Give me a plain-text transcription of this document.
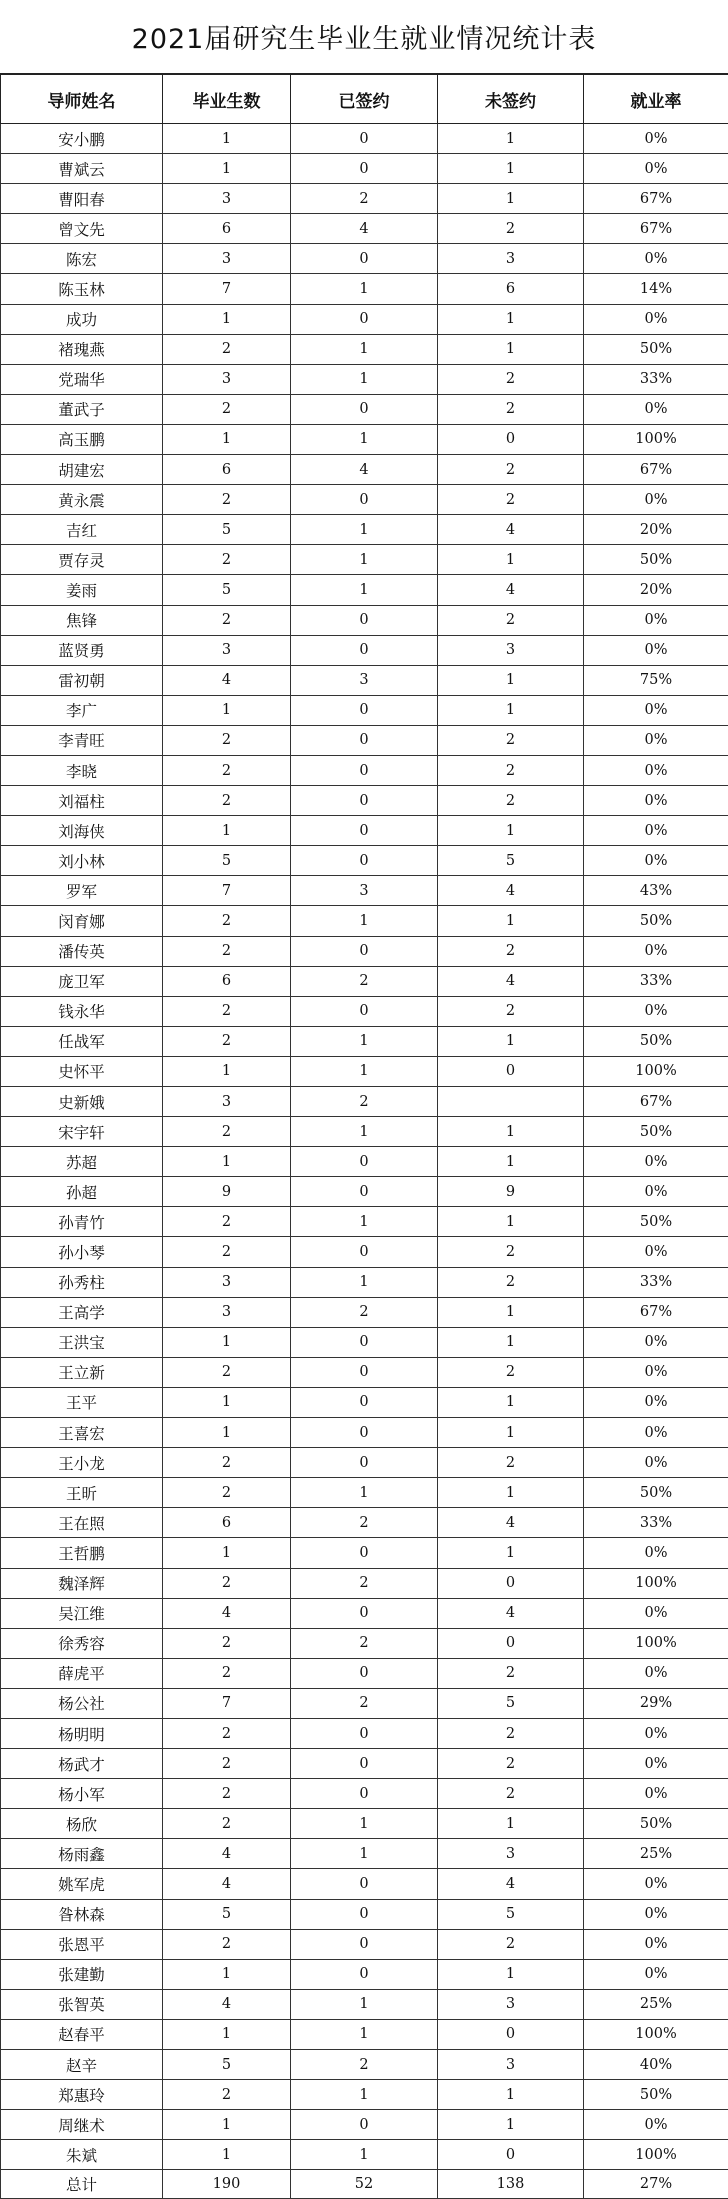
2021届研究生毕业生就业情况统计表
导师姓名	毕业生数	已签约	未签约	就业率
安小鹏	1	0	1	0%
曹斌云	1	0	1	0%
曹阳春	3	2	1	67%
曾文先	6	4	2	67%
陈宏	3	0	3	0%
陈玉林	7	1	6	14%
成功	1	0	1	0%
褚瑰燕	2	1	1	50%
党瑞华	3	1	2	33%
董武子	2	0	2	0%
高玉鹏	1	1	0	100%
胡建宏	6	4	2	67%
黄永震	2	0	2	0%
吉红	5	1	4	20%
贾存灵	2	1	1	50%
姜雨	5	1	4	20%
焦锋	2	0	2	0%
蓝贤勇	3	0	3	0%
雷初朝	4	3	1	75%
李广	1	0	1	0%
李青旺	2	0	2	0%
李晓	2	0	2	0%
刘福柱	2	0	2	0%
刘海侠	1	0	1	0%
刘小林	5	0	5	0%
罗军	7	3	4	43%
闵育娜	2	1	1	50%
潘传英	2	0	2	0%
庞卫军	6	2	4	33%
钱永华	2	0	2	0%
任战军	2	1	1	50%
史怀平	1	1	0	100%
史新娥	3	2		67%
宋宇轩	2	1	1	50%
苏超	1	0	1	0%
孙超	9	0	9	0%
孙青竹	2	1	1	50%
孙小琴	2	0	2	0%
孙秀柱	3	1	2	33%
王高学	3	2	1	67%
王洪宝	1	0	1	0%
王立新	2	0	2	0%
王平	1	0	1	0%
王喜宏	1	0	1	0%
王小龙	2	0	2	0%
王昕	2	1	1	50%
王在照	6	2	4	33%
王哲鹏	1	0	1	0%
魏泽辉	2	2	0	100%
吴江维	4	0	4	0%
徐秀容	2	2	0	100%
薛虎平	2	0	2	0%
杨公社	7	2	5	29%
杨明明	2	0	2	0%
杨武才	2	0	2	0%
杨小军	2	0	2	0%
杨欣	2	1	1	50%
杨雨鑫	4	1	3	25%
姚军虎	4	0	4	0%
昝林森	5	0	5	0%
张恩平	2	0	2	0%
张建勤	1	0	1	0%
张智英	4	1	3	25%
赵春平	1	1	0	100%
赵辛	5	2	3	40%
郑惠玲	2	1	1	50%
周继术	1	0	1	0%
朱斌	1	1	0	100%
总计	190	52	138	27%
